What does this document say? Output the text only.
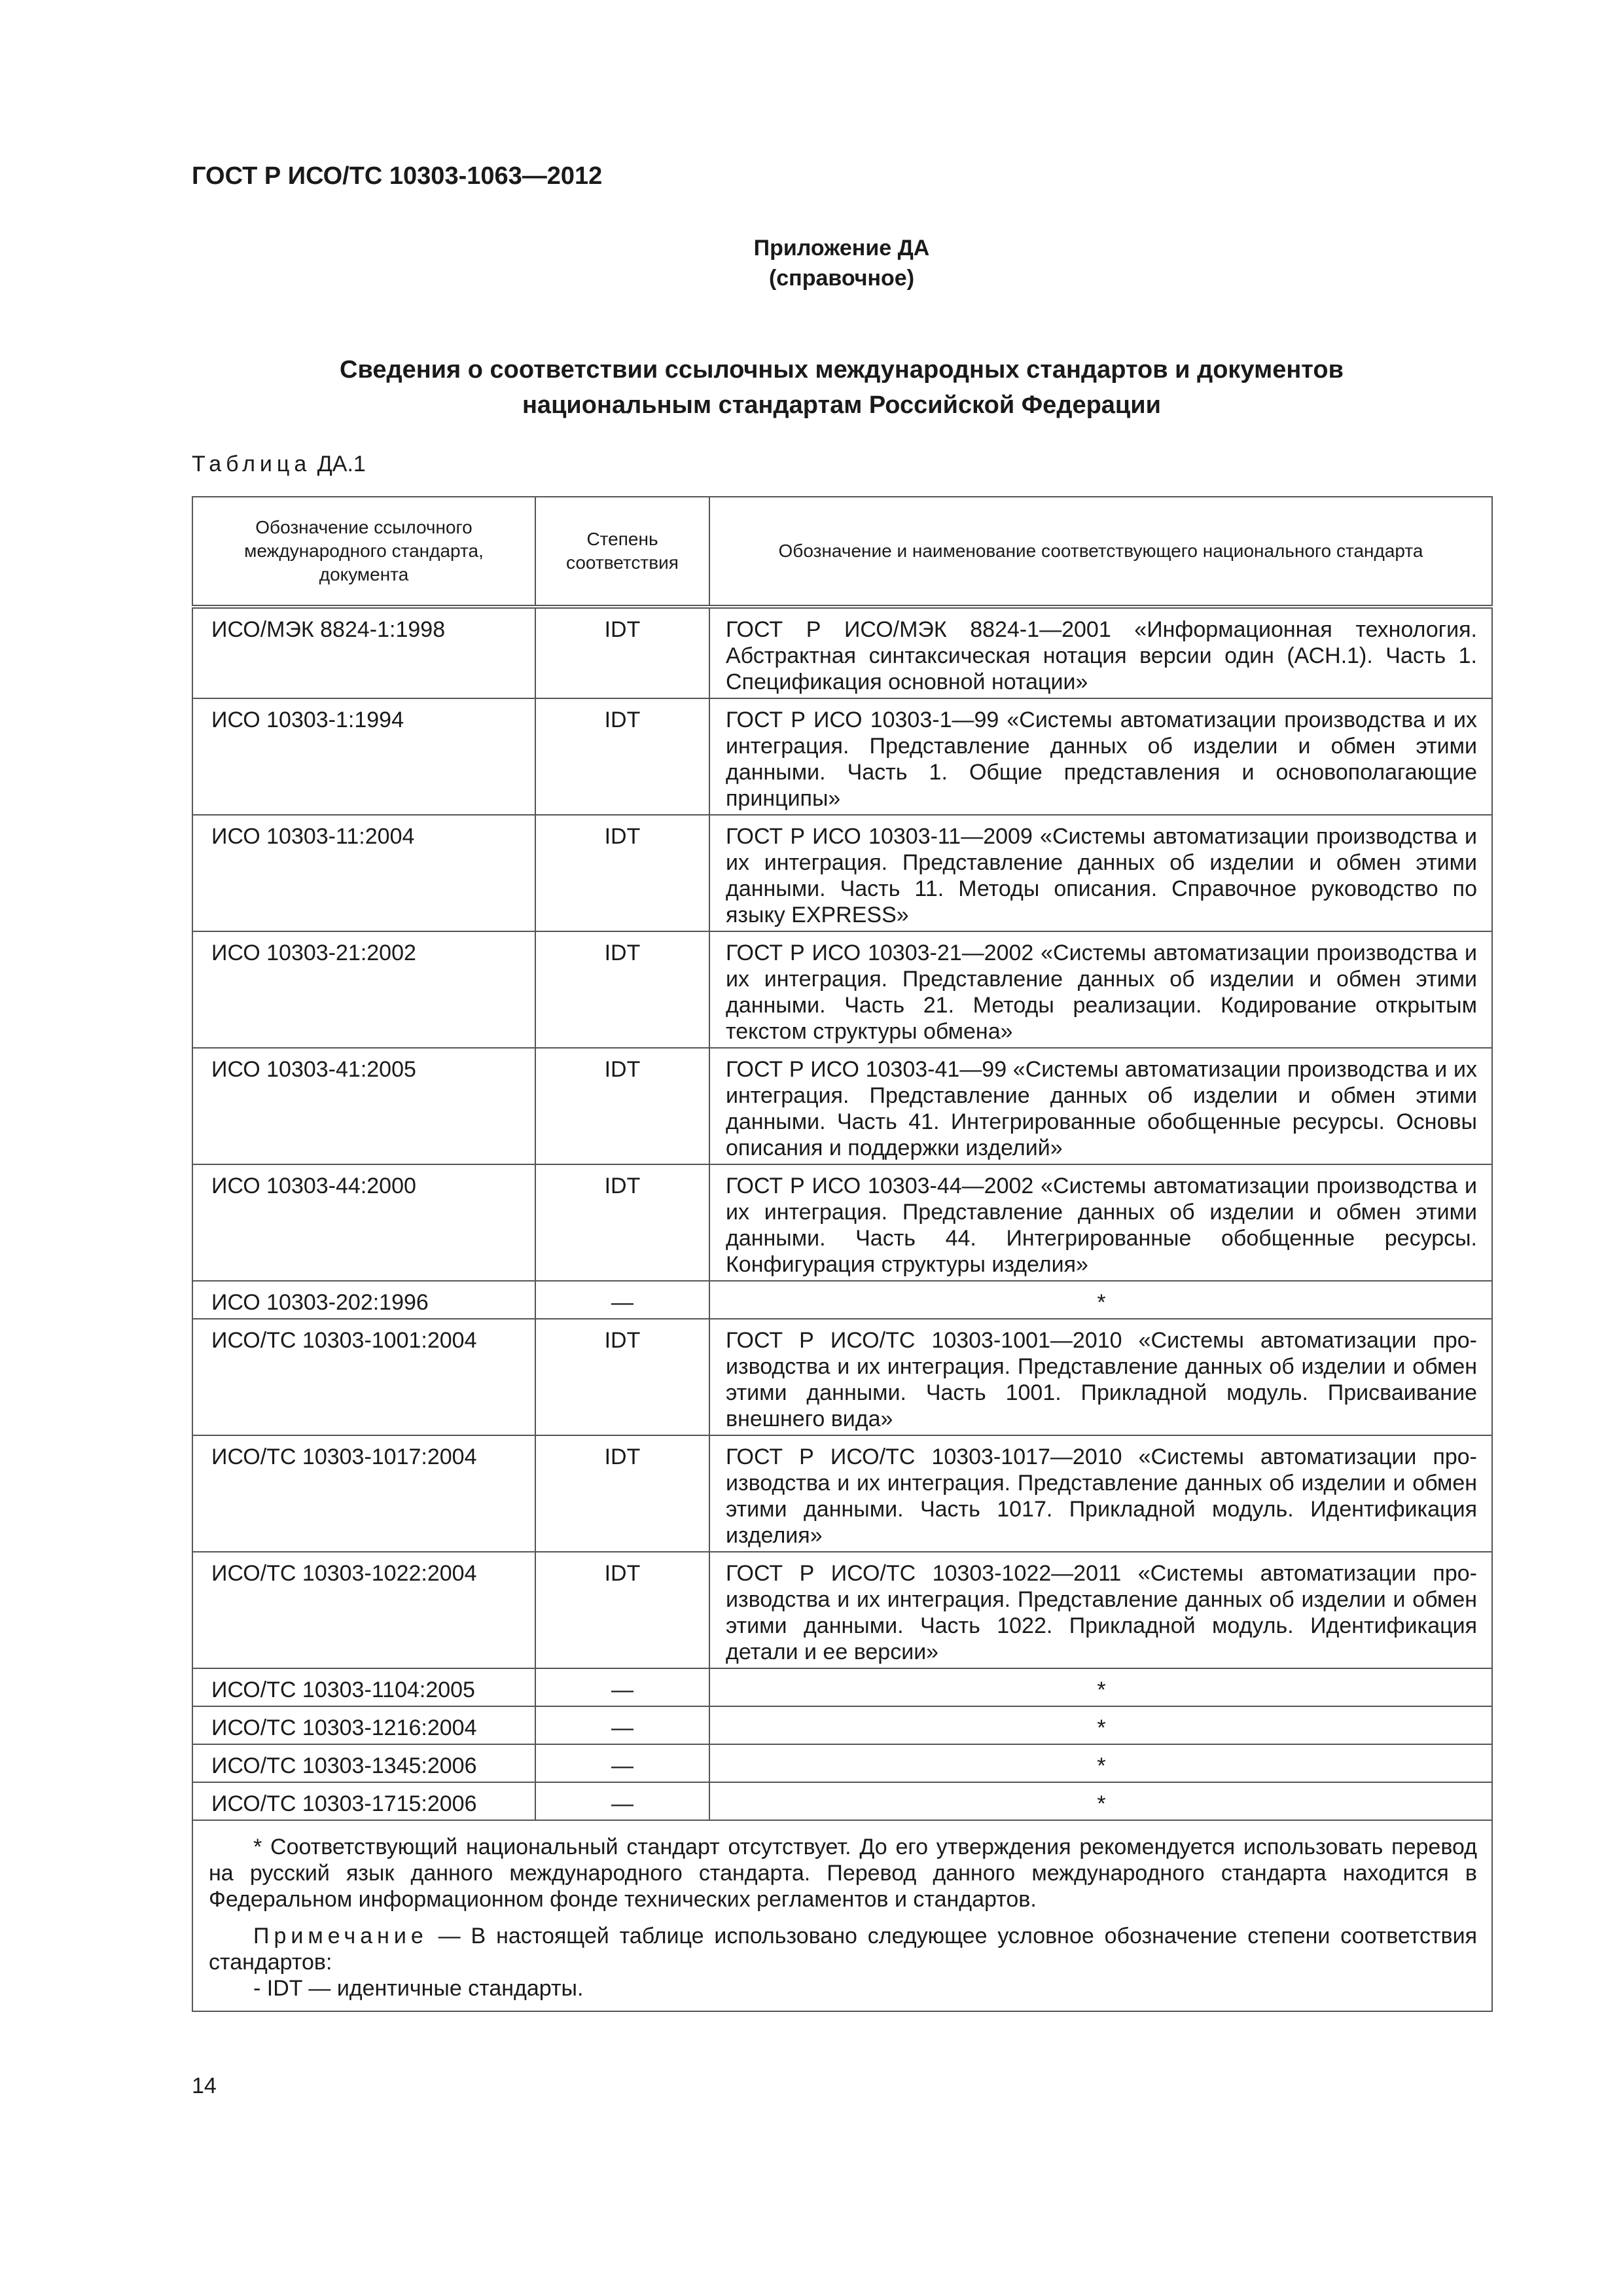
ГОСТ Р ИСО/ТС 10303-1063—2012
Приложение ДА
(справочное)
Сведения о соответствии ссылочных международных стандартов и документов
национальным стандартам Российской Федерации
Таблица ДА.1
Обозначение ссылочного международного стандарта, документа	Степень соответствия	Обозначение и наименование соответствующего национального стандарта

ИСО/МЭК 8824-1:1998	IDT	ГОСТ Р ИСО/МЭК 8824-1—2001 «Информационная технология. Абстрактная синтаксическая нотация версии один (АСН.1). Часть 1. Спецификация основной нотации»
ИСО 10303-1:1994	IDT	ГОСТ Р ИСО 10303-1—99 «Системы автоматизации производства и их интеграция. Представление данных об изделии и обмен этими данными. Часть 1. Общие представления и основополагающие принципы»
ИСО 10303-11:2004	IDT	ГОСТ Р ИСО 10303-11—2009 «Системы автоматизации производства и их интеграция. Представление данных об изделии и обмен этими данными. Часть 11. Методы описания. Справочное руководство по языку EXPRESS»
ИСО 10303-21:2002	IDT	ГОСТ Р ИСО 10303-21—2002 «Системы автоматизации производства и их интеграция. Представление данных об изделии и обмен этими данными. Часть 21. Методы реализации. Кодирование открытым текстом структуры обмена»
ИСО 10303-41:2005	IDT	ГОСТ Р ИСО 10303-41—99 «Системы автоматизации производства и их интеграция. Представление данных об изделии и обмен этими данными. Часть 41. Интегрированные обобщенные ресурсы. Основы описания и поддержки изделий»
ИСО 10303-44:2000	IDT	ГОСТ Р ИСО 10303-44—2002 «Системы автоматизации производства и их интеграция. Представление данных об изделии и обмен этими данными. Часть 44. Интегрированные обобщенные ресурсы. Конфигурация структуры изделия»
ИСО 10303-202:1996	—	*
ИСО/ТС 10303-1001:2004	IDT	ГОСТ Р ИСО/ТС 10303-1001—2010 «Системы автоматизации производства и их интеграция. Представление данных об изделии и обмен этими данными. Часть 1001. Прикладной модуль. Присваивание внешнего вида»
ИСО/ТС 10303-1017:2004	IDT	ГОСТ Р ИСО/ТС 10303-1017—2010 «Системы автоматизации производства и их интеграция. Представление данных об изделии и обмен этими данными. Часть 1017. Прикладной модуль. Идентификация изделия»
ИСО/ТС 10303-1022:2004	IDT	ГОСТ Р ИСО/ТС 10303-1022—2011 «Системы автоматизации производства и их интеграция. Представление данных об изделии и обмен этими данными. Часть 1022. Прикладной модуль. Идентификация детали и ее версии»
ИСО/ТС 10303-1104:2005	—	*
ИСО/ТС 10303-1216:2004	—	*
ИСО/ТС 10303-1345:2006	—	*
ИСО/ТС 10303-1715:2006	—	*

* Соответствующий национальный стандарт отсутствует. До его утверждения рекомендуется использовать перевод на русский язык данного международного стандарта. Перевод данного международного стандарта находится в Федеральном информационном фонде технических регламентов и стандартов.

Примечание — В настоящей таблице использовано следующее условное обозначение степени соответствия стандартов:

- IDT — идентичные стандарты.		
14
